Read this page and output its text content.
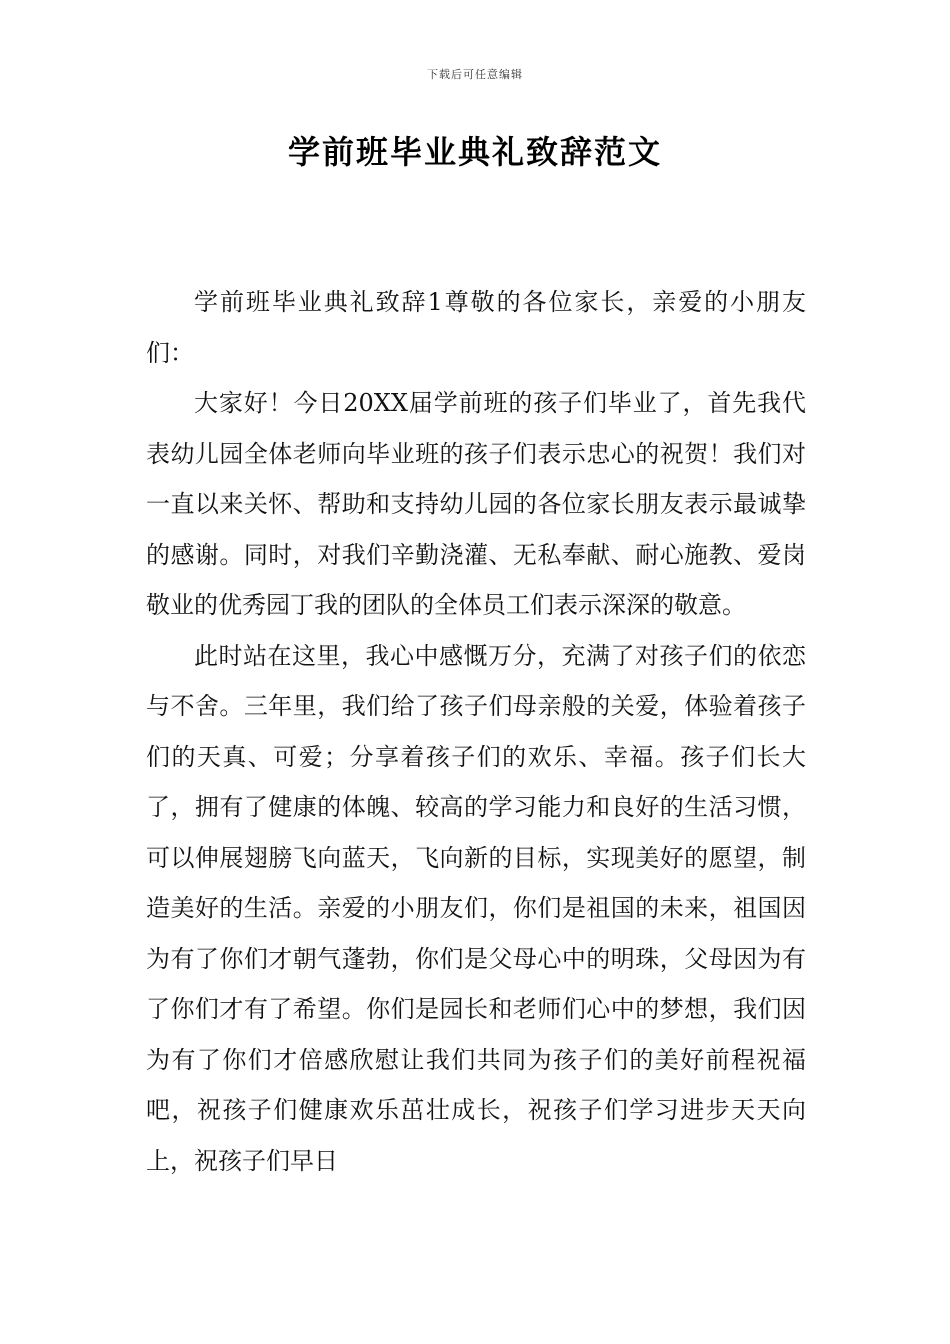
下载后可任意编辑
学前班毕业典礼致辞范文

学前班毕业典礼致辞1尊敬的各位家长，亲爱的小朋友们：

大家好！今日20XX届学前班的孩子们毕业了，首先我代表幼儿园全体老师向毕业班的孩子们表示忠心的祝贺！我们对一直以来关怀、帮助和支持幼儿园的各位家长朋友表示最诚挚的感谢。同时，对我们辛勤浇灌、无私奉献、耐心施教、爱岗敬业的优秀园丁我的团队的全体员工们表示深深的敬意。

此时站在这里，我心中感慨万分，充满了对孩子们的依恋与不舍。三年里，我们给了孩子们母亲般的关爱，体验着孩子们的天真、可爱；分享着孩子们的欢乐、幸福。孩子们长大了，拥有了健康的体魄、较高的学习能力和良好的生活习惯，可以伸展翅膀飞向蓝天，飞向新的目标，实现美好的愿望，制造美好的生活。亲爱的小朋友们，你们是祖国的未来，祖国因为有了你们才朝气蓬勃，你们是父母心中的明珠，父母因为有了你们才有了希望。你们是园长和老师们心中的梦想，我们因为有了你们才倍感欣慰让我们共同为孩子们的美好前程祝福吧，祝孩子们健康欢乐茁壮成长，祝孩子们学习进步天天向上，祝孩子们早日
